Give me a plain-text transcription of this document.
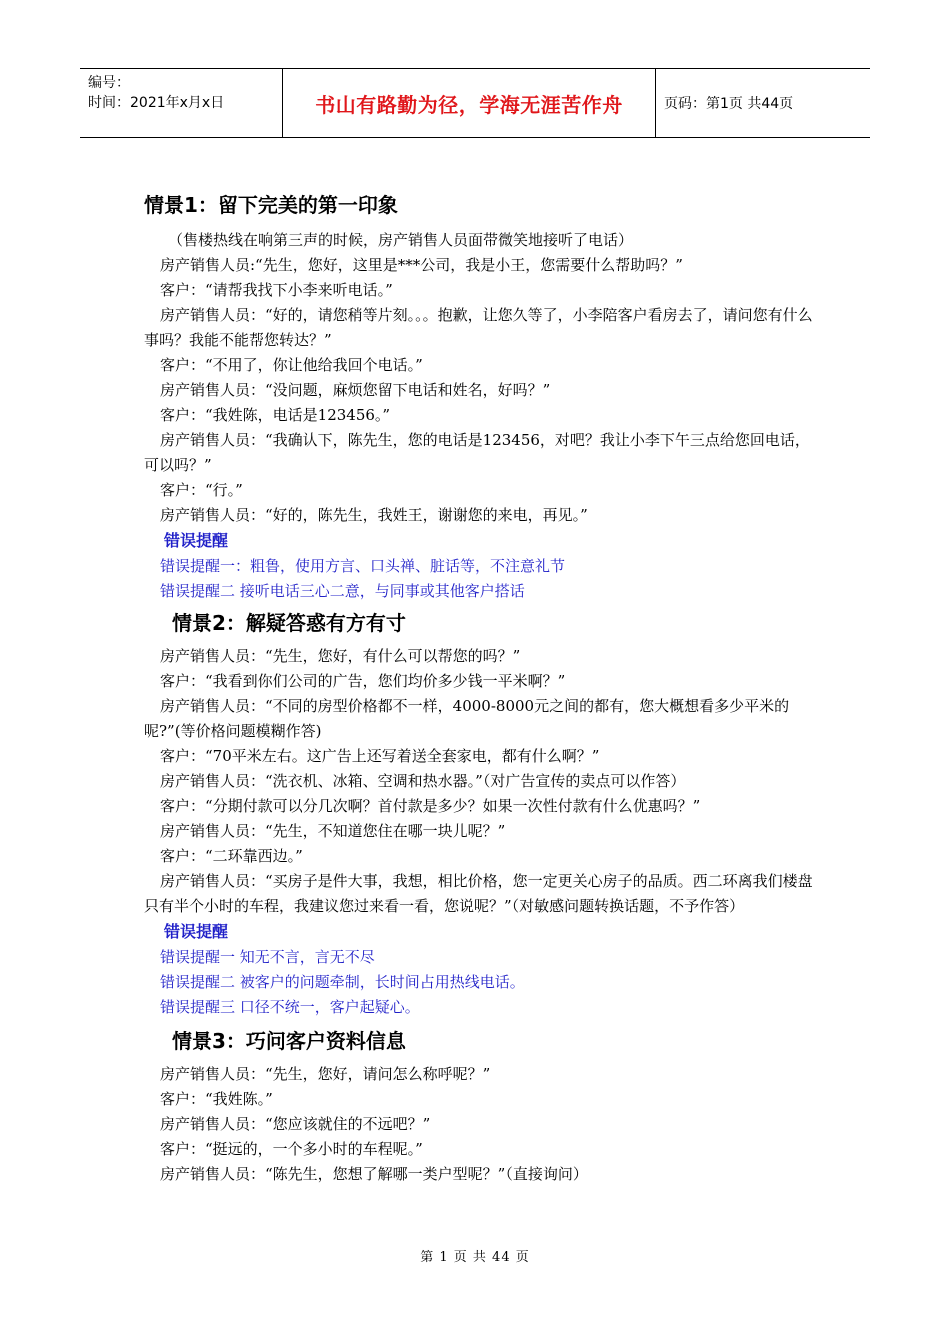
编号：
时间：2021年x月x日	书山有路勤为径，学海无涯苦作舟	页码：第1页 共44页
情景1：留下完美的第一印象

（售楼热线在响第三声的时候，房产销售人员面带微笑地接听了电话）

房产销售人员:“先生，您好，这里是***公司，我是小王，您需要什么帮助吗？”

客户：“请帮我找下小李来听电话。”

房产销售人员：“好的，请您稍等片刻。。。抱歉，让您久等了，小李陪客户看房去了，请问您有什么事吗？我能不能帮您转达？”

客户：“不用了，你让他给我回个电话。”

房产销售人员：“没问题，麻烦您留下电话和姓名，好吗？”

客户：“我姓陈，电话是123456。”

房产销售人员：“我确认下，陈先生，您的电话是123456，对吧？我让小李下午三点给您回电话，可以吗？”

客户：“行。”

房产销售人员：“好的，陈先生，我姓王，谢谢您的来电，再见。”

错误提醒

错误提醒一：粗鲁，使用方言、口头禅、脏话等，不注意礼节

错误提醒二 接听电话三心二意，与同事或其他客户搭话

情景2：解疑答惑有方有寸

房产销售人员：“先生，您好，有什么可以帮您的吗？”

客户：“我看到你们公司的广告，您们均价多少钱一平米啊？”

房产销售人员：“不同的房型价格都不一样，4000-8000元之间的都有，您大概想看多少平米的呢?”(等价格问题模糊作答)

客户：“70平米左右。这广告上还写着送全套家电，都有什么啊？”

房产销售人员：“洗衣机、冰箱、空调和热水器。”（对广告宣传的卖点可以作答）

客户：“分期付款可以分几次啊？首付款是多少？如果一次性付款有什么优惠吗？”

房产销售人员：“先生，不知道您住在哪一块儿呢？”

客户：“二环靠西边。”

房产销售人员：“买房子是件大事，我想，相比价格，您一定更关心房子的品质。西二环离我们楼盘只有半个小时的车程，我建议您过来看一看，您说呢？”（对敏感问题转换话题，不予作答）

错误提醒

错误提醒一 知无不言，言无不尽

错误提醒二 被客户的问题牵制，长时间占用热线电话。

错误提醒三 口径不统一，客户起疑心。

情景3：巧问客户资料信息

房产销售人员：“先生，您好，请问怎么称呼呢？”

客户：“我姓陈。”

房产销售人员：“您应该就住的不远吧？”

客户：“挺远的，一个多小时的车程呢。”

房产销售人员：“陈先生，您想了解哪一类户型呢？”（直接询问）

第 1 页 共 44 页
